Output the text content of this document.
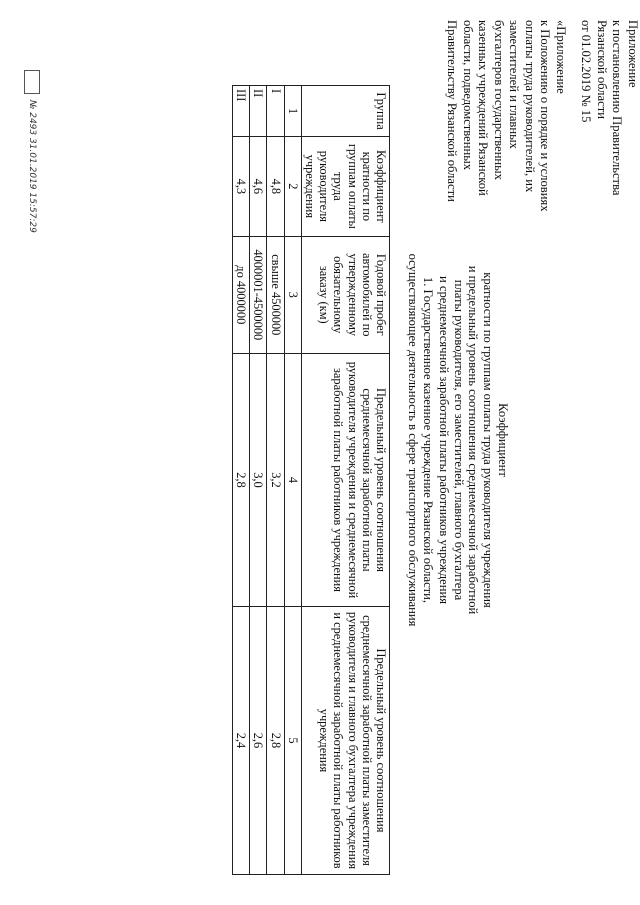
Приложение
к постановлению Правительства
Рязанской области
от 01.02.2019 № 15
«Приложение
к Положению о порядке и условиях
оплаты труда руководителей, их
заместителей и главных
бухгалтеров государственных
казенных учреждений Рязанской
области, подведомственных
Правительству Рязанской области
Коэффициент
кратности по группам оплаты труда руководителя учреждения
и предельный уровень соотношения среднемесячной заработной
платы руководителя, его заместителей, главного бухгалтера
и среднемесячной заработной платы работников учреждения
1. Государственное казенное учреждение Рязанской области,
осуществляющее деятельность в сфере транспортного обслуживания
Группа	Коэффициент кратности по группам оплаты труда руководителя учреждения	Годовой пробег автомобилей по утвержденному обязательному заказу (км)	Предельный уровень соотношения среднемесячной заработной платы руководителя учреждения и среднемесячной заработной платы работников учреждения	Предельный уровень соотношения среднемесячной заработной платы заместителя руководителя и главного бухгалтера учреждения и среднемесячной заработной платы работников учреждения
1	2	3	4	5
I	4,8	свыше 4500000	3,2	2,8
II	4,6	4000001-4500000	3,0	2,6
III	4,3	до 4000000	2,8	2,4
№ 2493 31.01.2019 15:57:29
